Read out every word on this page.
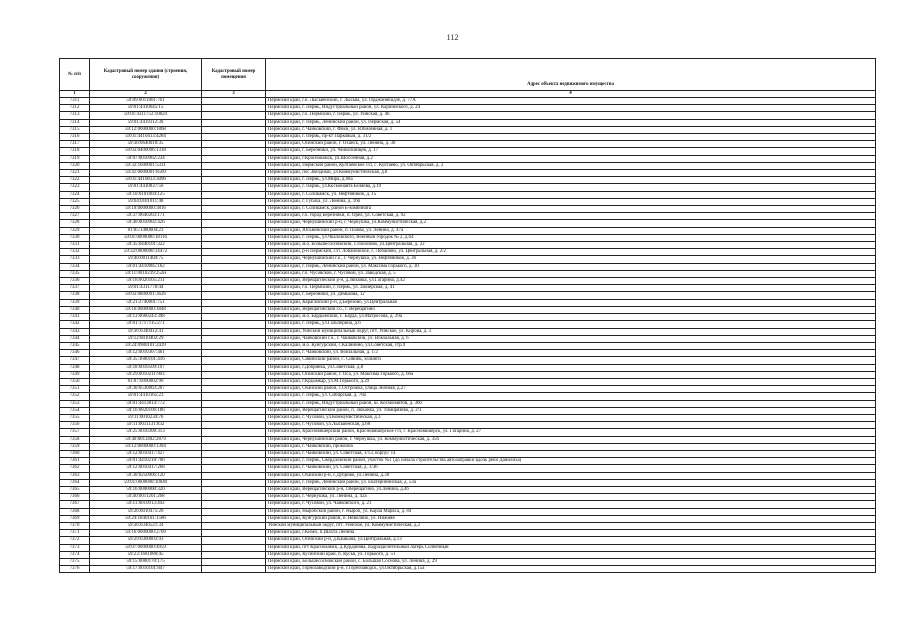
112
№ п/п	Кадастровый номер здания (строения, сооружения)	Кадастровый номер помещения	Адрес объекта недвижимого имущества
1	2	3	4
7311	59:09:0011801:761		Пермский край, г.о. Лысьвенский, г. Лысьва, ул. Орджоникидзе, д. 77А
7312	59:01:4410645:15		Пермский край, г. Пермь, Индустриальный район, ул. Карпинского, д. 24
7313	59:01:4311752:10824		Пермский край, г.о. Пермский, г. Пермь, ул. Уинская, д. 46
7314	59:01:4410112:30		Пермский край, г. Пермь, Ленинский район, ул. Пермская, д. 54
7315	59:12:0000000:1868		Пермский край, г. Чайковский, г. Фокн, ул. Юбилейная, д. 1
7316	59:01:4410413:4284		Пермский край, г. Пермь, пр-кт Парковый, д. 31/2
7317	59:30:0640010:35		Пермский край, Осинский район, г. Оханск, ул. Ленина, д. 30
7318	59:03:0400096:1318		Пермский край, г. Березники, ул. Челюскинцев, д. 17
7319	59:07:0010902:234		Пермский край, г.Краснокамск, ул.Шоссейная, д.2
7320	59:32:1600001:5331		Пермский край, Пермский район, Култаевское с/п, с. Култаево, ул. Октябрьская, д. 2
7321	59:41:0000001:8509		Пермский край, пос.Звездный, ул.Коммунистическая, д.8
7322	59:01:4410833:3096		Пермский край, г. Пермь, ул.Мира, д.68а
7323	59:01:4410837:56		Пермский край, г. Пермь, ул.Космонавта Беляева, д.19
7324	59:10:0101004:125		Пермский край, г. Соликамск, ул. Нефтяников, д. 15
7325	59:04:0101011:48		Пермский край, г. Губаха, ул. Ленина, д. 16б
7326	59:10:0000000:3816		Пермский край, г. Соликамск, район Б-комбината
7327	59:37:0640203:171		Пермский край, г.о. город Березники, п. Орел, ул. Советская, д. 92
7328	59:40:0010902:426		Пермский край, Чернушинский р-н, г. Чернушка, ул.Коммунистическая, д.2
7329	81:05:1480004:23		Пермский край, Юсьвинский район, п. Пожва, ул. Ленина, д. 47а
7330	59:01:0000000:18116		Пермский край, г. Пермь, ул.Чкаловского, Военный городок № 2, д.64
7331	59:35:0440101:322		Пермский край, м.о. Большесосновский, с.Полозово, ул.Центральная, д. 22
7332	59:32:0000000:14472		Пермский край, р-н Пермский, с/п. Лобановское, с. Лобаново, ул. Центральная, д. 2/2
7333	59:40:0011404:75		Пермский край, Чернушинский г.о., г. Чернушка, ул. Нефтяников, д. 36
7334	59:01:4410085:162		Пермский край, г. Пермь, Ленинский район, ул. Максима Горького, д. 30
7335	59:11:0010239:252н		Пермский край, г.о. Чусовской, г. Чусовой, ул. Заводская, д. 5
7336	59:18:0020105:211		Пермский край, Верещагинский р-н, д.Зюзайка, ул.Гагарина, д.42
7337	59:01:4311778:44		Пермский край, г.о. Пермский, г. Пермь, ул. Заозерская, д. 41
7338	59:03:0800091:3626		Пермский край, г. Березники, ул. Демькова, 12
7339	59:21:2740001:751		Пермский край, Карагайский р-н, д.Березово, ул.Центральная
7340	59:16:0000000:1848		Пермский край, Верещагинский г.о., г. Верещагино
7341	59:13:0660243:398		Пермский край, м.о. Бардымский, с. Барда, ул.Матросова, д. 29а
7342	59:01:1717115:271		Пермский край, г. Пермь, ул.Гальперина, д.6
7343	59:36:0340412:41		Пермский край, Уинский муниципальный округ, пгт. Уинское, ул. Кирова, д. 3
7344	59:12:0010402:29		Пермский край, Чайковский г.о., г. Чайковский, ул. Вокзальная, д. 6
7345	59:24:0980101:2439		Пермский край, м.о. Кунгурский, с.Калинино, ул.Советская, стр.9
7346	59:12:0010307:461		Пермский край, г. Чайковский, ул. Вокзальная, д. 1/2
7347	59:35:1600101:416		Пермский край, Сивинский район, с. Сивинь, эллинги
7348	59:18:0010509:197		Пермский край, г.Добрянка, ул.Советская, д.8
7349	59:29:0010211:903		Пермский край, Осинский район, г. Оса, ул. Максима Горького, д. 66а
7350	81:07:0090002:90		Пермский край, г.Кудымкар, ул.М.Горького, д.29
7351	59:30:0530003:207		Пермский край, Оханский район, с.Острожка, улица Зелёная, д.27
7352	59:01:4410165:23		Пермский край, г. Пермь, ул. Сибирская, д. 78а
7353	59:01:4413814:772		Пермский край, г. Пермь, Индустриальный район, ш. Космонавтов, д. 366
7354	59:16:0820106:186		Пермский край, Верещагинский район, п. Зюкайка, ул. Тимирязева, д. 2/1
7355	59:11:0010234:76		Пермский край, г. Чусовой, ул.Коммунистическая, д.3
7356	59:11:0011131:832		Пермский край, г. Чусовой, ул.Лысьвенская, д.68
7357	59:25:0010308:313		Пермский край, Красновишерский район, Красновишерское г/п, г. Красновишерск, ул. Гагарина, д. 27
7358	59:40:0011402:2879		Пермский край, Чернушинский район, г. Чернушка, ул. Коммунистическая, д. 356
7359	59:12:0000000:1384		Пермский край, г. Чайковский, промзона
7360	59:12:0010417:427		Пермский край, г. Чайковский, ул. Советская, 1/13, корпус 14
7361	59:01:4410218:706		Пермский край, г. Пермь, Свердловский район, участок №1 (до начала строительства автозаправки вдоль реки Данилиха)
7362	59:12:0010417:268		Пермский край, г. Чайковский, ул. Советская, д. 1/36
7363	59:30:0250006:120		Пермский край, Оханский р-н, с.Дуброво, ул.Ленина, д.30
7364	59:01:0000000:10040		Пермский край, г. Пермь, Ленинский район, ул. Екатерининская, д. 53а
7365	59:16:0000000:320		Пермский край, Верещагинский р-н, г.Верещагино, ул.Ленина, д.46
7366	59:40:0011201:268		Пермский край, г. Чернушка, ул. Ленина, д. 42а
7367	59:11:0010913:492		Пермский край, г. Чусовой, ул. Чайковского, д. 21
7368	59:26:0010475:26		Пермский край, Ныробский район, г. Ныроб, ул. Карла Маркса, д. 84
7369	59:24:1840101:1586		Пермский край, Кунгурский район, п. Неволино, ул. Нижняя
7370	59:36:0340521:34		Уинский муниципальный округ, пгт. Уинское, ул. Коммунистическая, д.2
7371	59:16:0000000:2709		Пермский край, г.Кизел, п.Шахта Ленина
7372	59:29:0360003:93		Пермский край, Осинский р-н, д.Кашкана, ул.Центральная, д.13
7373	59:07:0000000:4959		Пермский край, пгт Краснокамск, д.Курданова, подразделительный лагерь Солнечный
7374	59:23:1681080:45		Пермский край, Кусинский край, п. Кусья, ул. Горького, д. 51
7375	59:15:0000170:175		Пермский край, Большесосновский район, с. Большая Соснова, ул. Ленина, д. 29
7376	59:17:0010101:847		Пермский край, Горнозаводский р-н, г.Горнозаводск, ул.Октябрьская, д.15а
